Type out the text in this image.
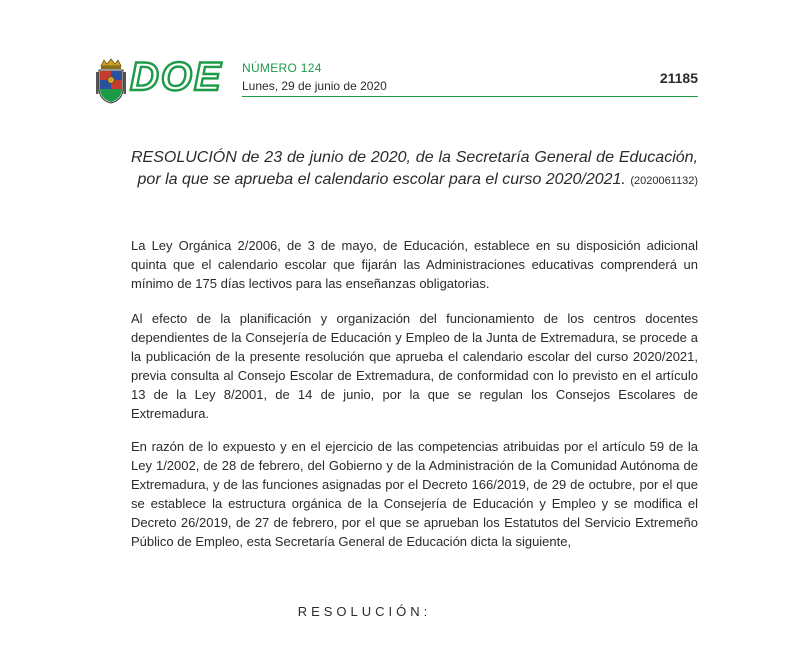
DOE NÚMERO 124
Lunes, 29 de junio de 2020	21185
RESOLUCIÓN de 23 de junio de 2020, de la Secretaría General de Educación, por la que se aprueba el calendario escolar para el curso 2020/2021. (2020061132)

La Ley Orgánica 2/2006, de 3 de mayo, de Educación, establece en su disposición adicional quinta que el calendario escolar que fijarán las Administraciones educativas comprenderá un mínimo de 175 días lectivos para las enseñanzas obligatorias.

Al efecto de la planificación y organización del funcionamiento de los centros docentes dependientes de la Consejería de Educación y Empleo de la Junta de Extremadura, se procede a la publicación de la presente resolución que aprueba el calendario escolar del curso 2020/2021, previa consulta al Consejo Escolar de Extremadura, de conformidad con lo previsto en el artículo 13 de la Ley 8/2001, de 14 de junio, por la que se regulan los Consejos Escolares de Extremadura.

En razón de lo expuesto y en el ejercicio de las competencias atribuidas por el artículo 59 de la Ley 1/2002, de 28 de febrero, del Gobierno y de la Administración de la Comunidad Autónoma de Extremadura, y de las funciones asignadas por el Decreto 166/2019, de 29 de octubre, por el que se establece la estructura orgánica de la Consejería de Educación y Empleo y se modifica el Decreto 26/2019, de 27 de febrero, por el que se aprueban los Estatutos del Servicio Extremeño Público de Empleo, esta Secretaría General de Educación dicta la siguiente,

RESOLUCIÓN:
